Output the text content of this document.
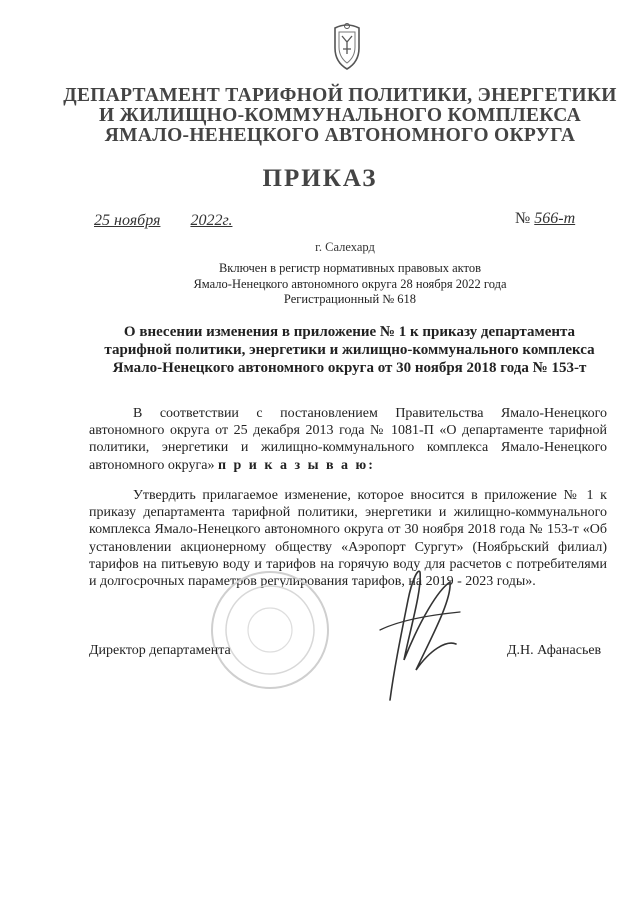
ДЕПАРТАМЕНТ ТАРИФНОЙ ПОЛИТИКИ, ЭНЕРГЕТИКИ
И ЖИЛИЩНО-КОММУНАЛЬНОГО КОМПЛЕКСА
ЯМАЛО-НЕНЕЦКОГО АВТОНОМНОГО ОКРУГА
ПРИКАЗ
25 ноября 2022г.	№ 566-т
г. Салехард
Включен в регистр нормативных правовых актов
Ямало-Ненецкого автономного округа 28 ноября 2022 года
Регистрационный № 618
О внесении изменения в приложение № 1 к приказу департамента
тарифной политики, энергетики и жилищно-коммунального комплекса
Ямало-Ненецкого автономного округа от 30 ноября 2018 года № 153-т
В соответствии с постановлением Правительства Ямало-Ненецкого автономного округа от 25 декабря 2013 года № 1081-П «О департаменте тарифной политики, энергетики и жилищно-коммунального комплекса Ямало-Ненецкого автономного округа» п р и к а з ы в а ю:
Утвердить прилагаемое изменение, которое вносится в приложение № 1 к приказу департамента тарифной политики, энергетики и жилищно-коммунального комплекса Ямало-Ненецкого автономного округа от 30 ноября 2018 года № 153-т «Об установлении акционерному обществу «Аэропорт Сургут» (Ноябрьский филиал) тарифов на питьевую воду и тарифов на горячую воду для расчетов с потребителями и долгосрочных параметров регулирования тарифов, на 2019 - 2023 годы».
Директор департамента	Д.Н. Афанасьев
